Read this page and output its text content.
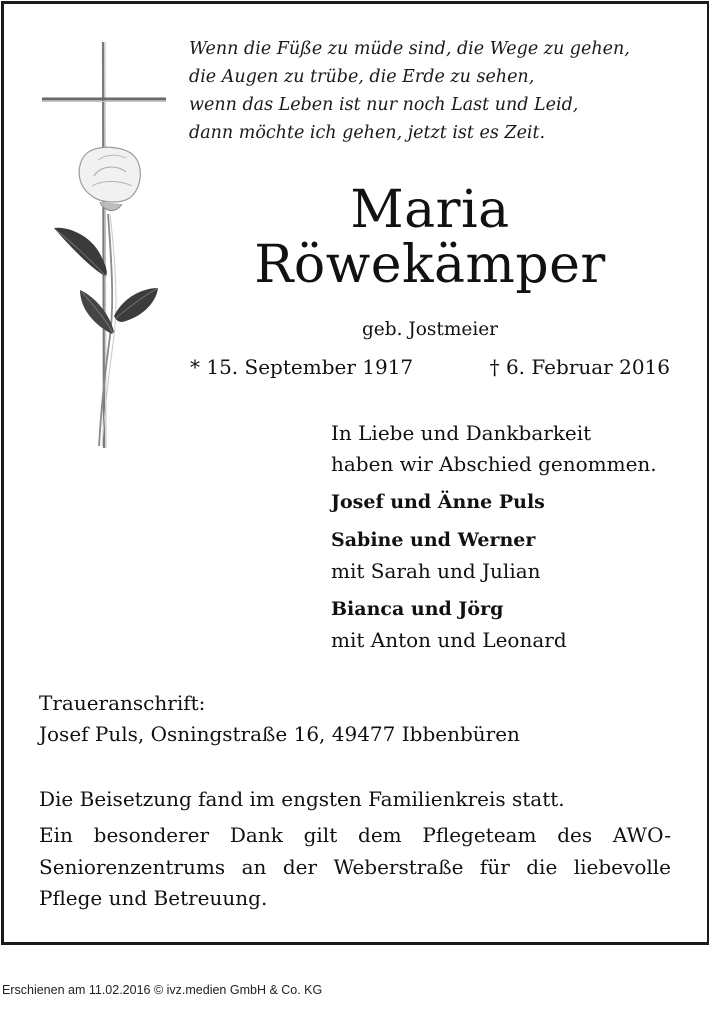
Wenn die Füße zu müde sind, die Wege zu gehen,
die Augen zu trübe, die Erde zu sehen,
wenn das Leben ist nur noch Last und Leid,
dann möchte ich gehen, jetzt ist es Zeit.
Maria
Röwekämper
geb. Jostmeier
* 15. September 1917	† 6. Februar 2016
In Liebe und Dankbarkeit
haben wir Abschied genommen.
Josef und Änne Puls
Sabine und Werner
mit Sarah und Julian
Bianca und Jörg
mit Anton und Leonard
Traueranschrift:
Josef Puls, Osningstraße 16, 49477 Ibbenbüren
Die Beisetzung fand im engsten Familienkreis statt.
Ein besonderer Dank gilt dem Pflegeteam des AWO-Seniorenzentrums an der Weberstraße für die liebevolle Pflege und Betreuung.
Erschienen am 11.02.2016 © ivz.medien GmbH & Co. KG
